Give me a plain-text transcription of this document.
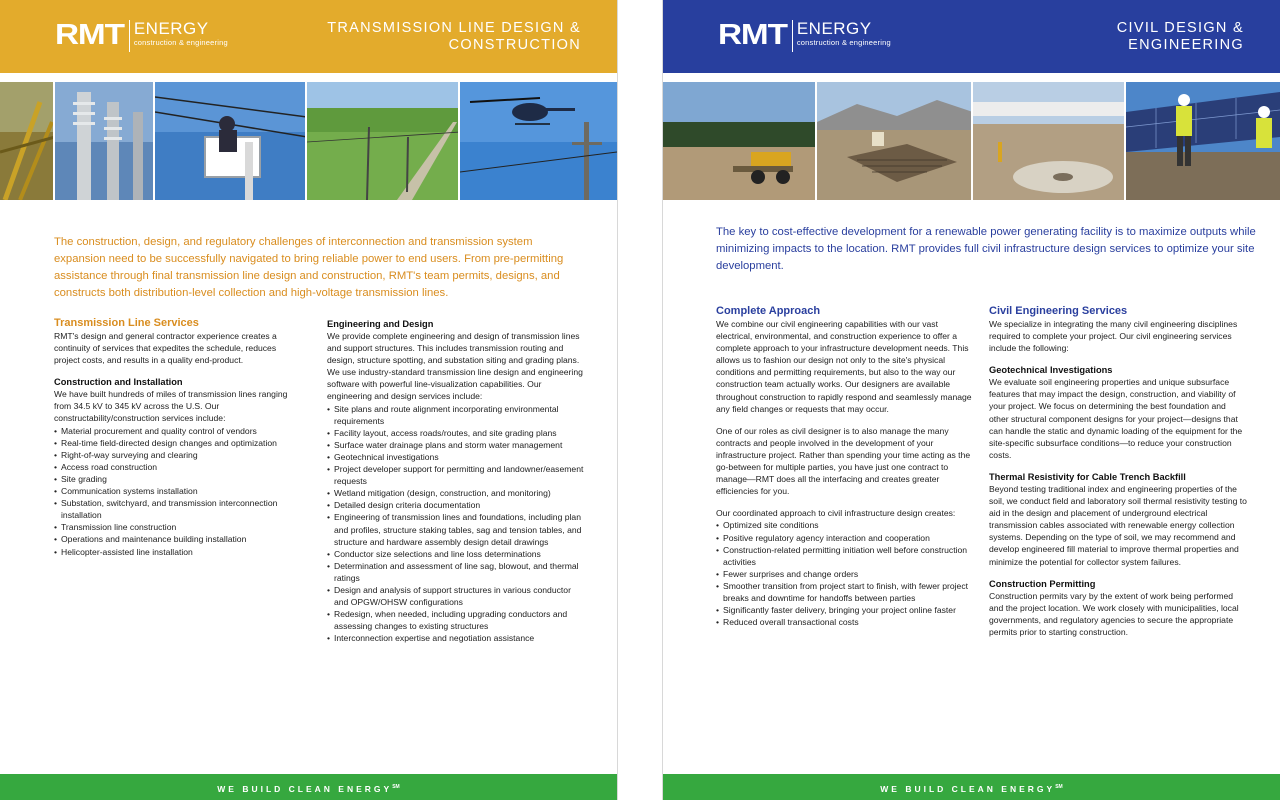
RMT ENERGY
construction & engineering
TRANSMISSION LINE DESIGN &
CONSTRUCTION

The construction, design, and regulatory challenges of interconnection and transmission system expansion need to be successfully navigated to bring reliable power to end users. From pre-permitting assistance through final transmission line design and construction, RMT's team permits, designs, and constructs both distribution-level collection and high-voltage transmission lines.

Transmission Line Services

RMT's design and general contractor experience creates a continuity of services that expedites the schedule, reduces project costs, and results in a quality end-product.

Construction and Installation

We have built hundreds of miles of transmission lines ranging from 34.5 kV to 345 kV across the U.S. Our constructability/construction services include:

• Material procurement and quality control of vendors
• Real-time field-directed design changes and optimization
• Right-of-way surveying and clearing
• Access road construction
• Site grading
• Communication systems installation
• Substation, switchyard, and transmission interconnection installation
• Transmission line construction
• Operations and maintenance building installation
• Helicopter-assisted line installation
Engineering and Design

We provide complete engineering and design of transmission lines and support structures. This includes transmission routing and design, structure spotting, and substation siting and grading plans. We use industry-standard transmission line design and engineering software with powerful line-visualization capabilities. Our engineering and design services include:

• Site plans and route alignment incorporating environmental requirements
• Facility layout, access roads/routes, and site grading plans
• Surface water drainage plans and storm water management
• Geotechnical investigations
• Project developer support for permitting and landowner/easement requests
• Wetland mitigation (design, construction, and monitoring)
• Detailed design criteria documentation
• Engineering of transmission lines and foundations, including plan and profiles, structure staking tables, sag and tension tables, and structure and hardware assembly design detail drawings
• Conductor size selections and line loss determinations
• Determination and assessment of line sag, blowout, and thermal ratings
• Design and analysis of support structures in various conductor and OPGW/OHSW configurations
• Redesign, when needed, including upgrading conductors and assessing changes to existing structures
• Interconnection expertise and negotiation assistance
WE BUILD CLEAN ENERGY℠
RMT ENERGY
construction & engineering
CIVIL DESIGN &
ENGINEERING

The key to cost-effective development for a renewable power generating facility is to maximize outputs while minimizing impacts to the location. RMT provides full civil infrastructure design services to optimize your site development.

Complete Approach

We combine our civil engineering capabilities with our vast electrical, environmental, and construction experience to offer a complete approach to your infrastructure development needs. This allows us to fashion our design not only to the site's physical conditions and permitting requirements, but also to the way our construction team actually works. Our designers are available throughout construction to rapidly respond and seamlessly manage any field changes or requests that may occur.

One of our roles as civil designer is to also manage the many contracts and people involved in the development of your infrastructure project. Rather than spending your time acting as the go-between for multiple parties, you have just one contract to manage—RMT does all the interfacing and creates greater efficiencies for you.

Our coordinated approach to civil infrastructure design creates:

• Optimized site conditions
• Positive regulatory agency interaction and cooperation
• Construction-related permitting initiation well before construction activities
• Fewer surprises and change orders
• Smoother transition from project start to finish, with fewer project breaks and downtime for handoffs between parties
• Significantly faster delivery, bringing your project online faster
• Reduced overall transactional costs
Civil Engineering Services

We specialize in integrating the many civil engineering disciplines required to complete your project. Our civil engineering services include the following:

Geotechnical Investigations

We evaluate soil engineering properties and unique subsurface features that may impact the design, construction, and viability of your project. We focus on determining the best foundation and other structural component designs for your project—designs that can handle the static and dynamic loading of the equipment for the site-specific subsurface conditions—to reduce your construction costs.

Thermal Resistivity for Cable Trench Backfill

Beyond testing traditional index and engineering properties of the soil, we conduct field and laboratory soil thermal resistivity testing to aid in the design and placement of underground electrical transmission cables associated with renewable energy collection systems. Depending on the type of soil, we may recommend and develop engineered fill material to improve thermal properties and minimize the potential for collector system failures.

Construction Permitting

Construction permits vary by the extent of work being performed and the project location. We work closely with municipalities, local governments, and regulatory agencies to secure the appropriate permits prior to starting construction.

WE BUILD CLEAN ENERGY℠
